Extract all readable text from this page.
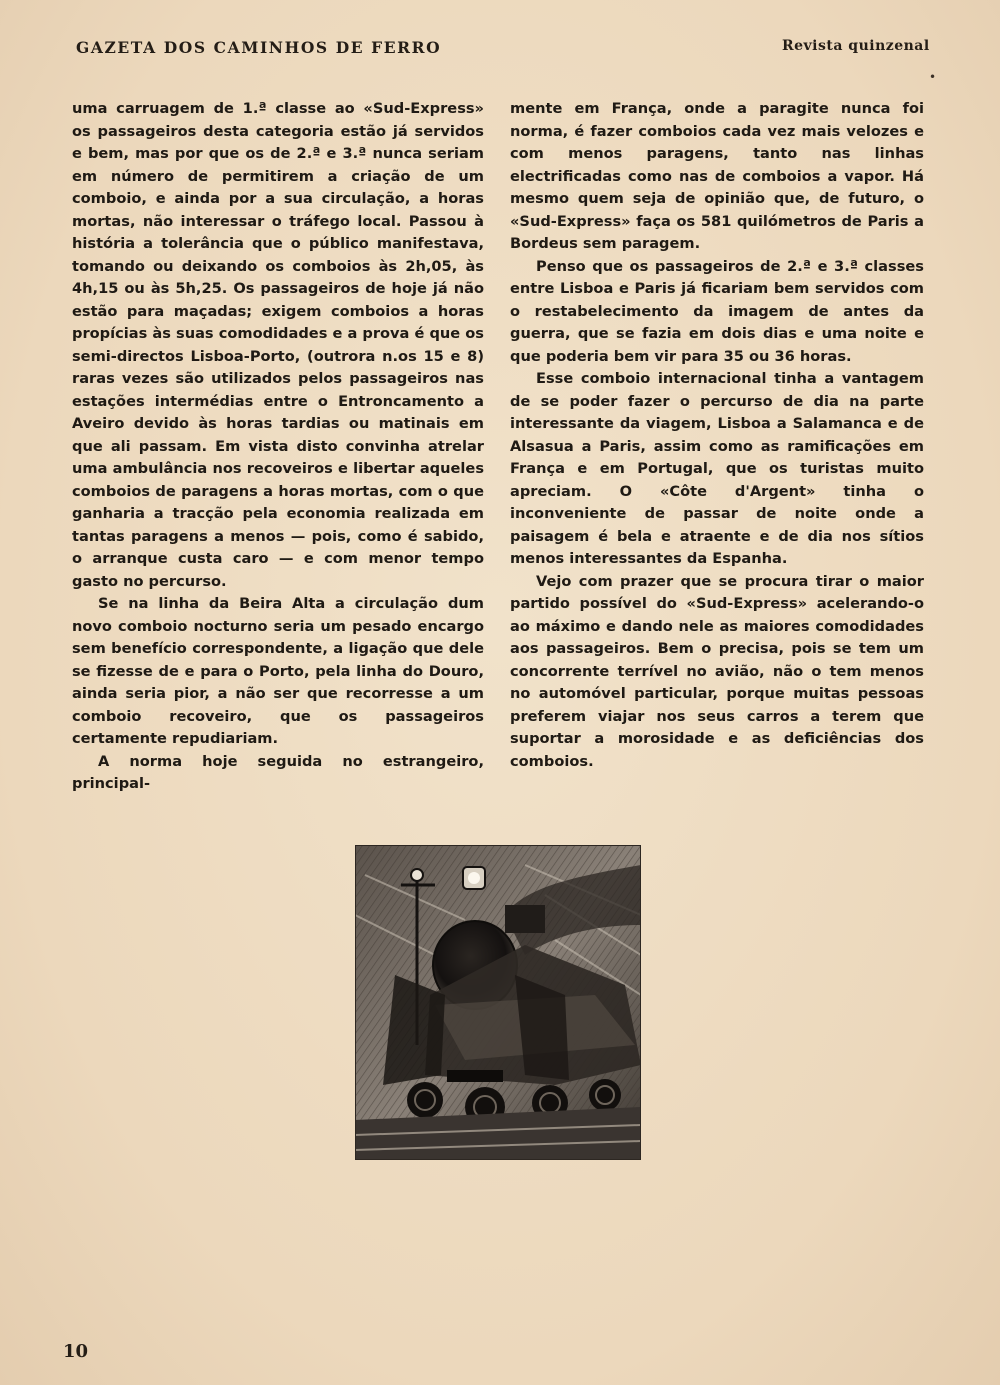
GAZETA DOS CAMINHOS DE FERRO	Revista quinzenal
•

uma carruagem de 1.ª classe ao «Sud-Express» os passageiros desta categoria estão já servidos e bem, mas por que os de 2.ª e 3.ª nunca seriam em número de permitirem a criação de um comboio, e ainda por a sua circulação, a horas mortas, não interessar o tráfego local. Passou à história a tolerância que o público manifestava, tomando ou deixando os comboios às 2h,05, às 4h,15 ou às 5h,25. Os passageiros de hoje já não estão para maçadas; exigem comboios a horas propícias às suas comodidades e a prova é que os semi-directos Lisboa-Porto, (outrora n.os 15 e 8) raras vezes são utilizados pelos passageiros nas estações intermédias entre o Entroncamento a Aveiro devido às horas tardias ou matinais em que ali passam. Em vista disto convinha atrelar uma ambulância nos recoveiros e libertar aqueles comboios de paragens a horas mortas, com o que ganharia a tracção pela economia realizada em tantas paragens a menos — pois, como é sabido, o arranque custa caro — e com menor tempo gasto no percurso.

Se na linha da Beira Alta a circulação dum novo comboio nocturno seria um pesado encargo sem benefício correspondente, a ligação que dele se fizesse de e para o Porto, pela linha do Douro, ainda seria pior, a não ser que recorresse a um comboio recoveiro, que os passageiros certamente repudiariam.

A norma hoje seguida no estrangeiro, principal-

mente em França, onde a paragite nunca foi norma, é fazer comboios cada vez mais velozes e com menos paragens, tanto nas linhas electrificadas como nas de comboios a vapor. Há mesmo quem seja de opinião que, de futuro, o «Sud-Express» faça os 581 quilómetros de Paris a Bordeus sem paragem.

Penso que os passageiros de 2.ª e 3.ª classes entre Lisboa e Paris já ficariam bem servidos com o restabelecimento da imagem de antes da guerra, que se fazia em dois dias e uma noite e que poderia bem vir para 35 ou 36 horas.

Esse comboio internacional tinha a vantagem de se poder fazer o percurso de dia na parte interessante da viagem, Lisboa a Salamanca e de Alsasua a Paris, assim como as ramificações em França e em Portugal, que os turistas muito apreciam. O «Côte d'Argent» tinha o inconveniente de passar de noite onde a paisagem é bela e atraente e de dia nos sítios menos interessantes da Espanha.

Vejo com prazer que se procura tirar o maior partido possível do «Sud-Express» acelerando-o ao máximo e dando nele as maiores comodidades aos passageiros. Bem o precisa, pois se tem um concorrente terrível no avião, não o tem menos no automóvel particular, porque muitas pessoas preferem viajar nos seus carros a terem que suportar a morosidade e as deficiências dos comboios.

10
